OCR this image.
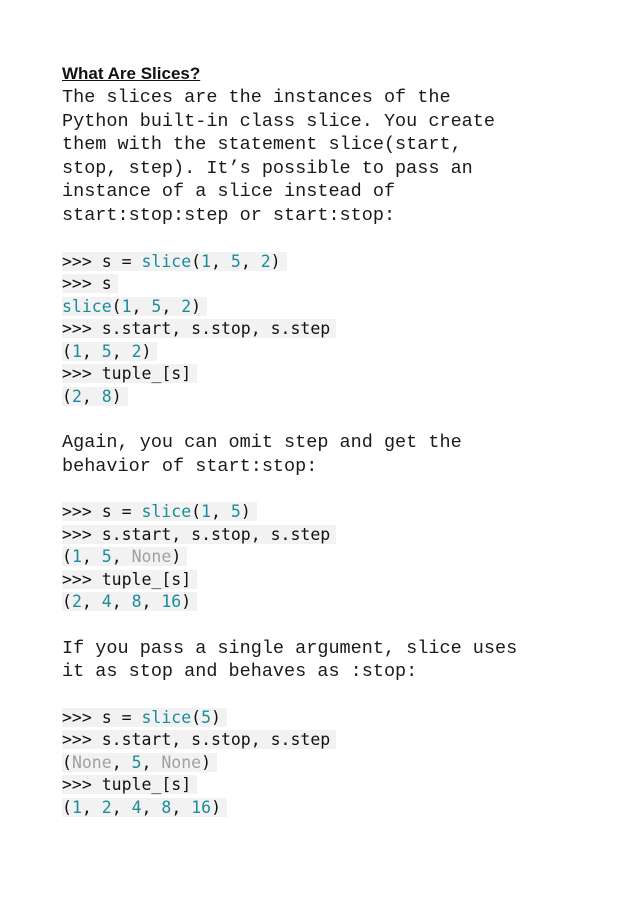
What Are Slices?

The slices are the instances of the
Python built-in class slice. You create
them with the statement slice(start,
stop, step). It’s possible to pass an
instance of a slice instead of
start:stop:step or start:stop:

>>> s = slice(1, 5, 2)
>>> s
slice(1, 5, 2)
>>> s.start, s.stop, s.step
(1, 5, 2)
>>> tuple_[s]
(2, 8)

Again, you can omit step and get the
behavior of start:stop:

>>> s = slice(1, 5)
>>> s.start, s.stop, s.step
(1, 5, None)
>>> tuple_[s]
(2, 4, 8, 16)

If you pass a single argument, slice uses
it as stop and behaves as :stop:

>>> s = slice(5)
>>> s.start, s.stop, s.step
(None, 5, None)
>>> tuple_[s]
(1, 2, 4, 8, 16)
